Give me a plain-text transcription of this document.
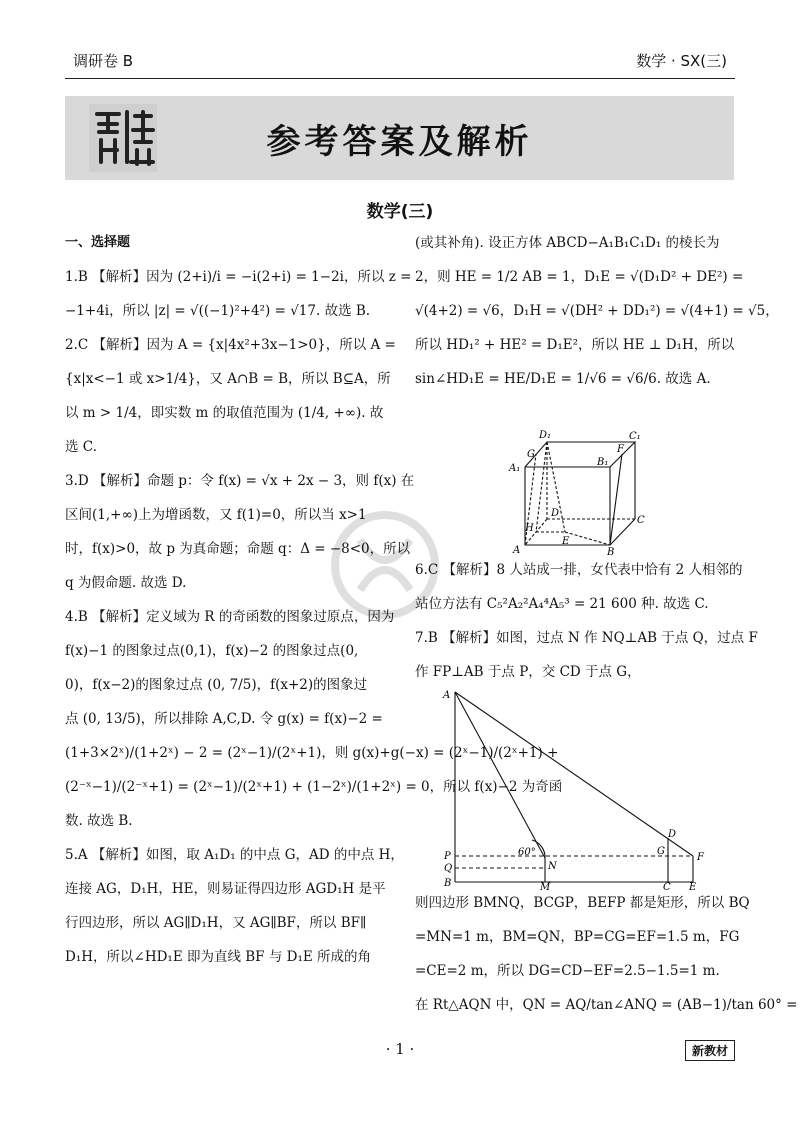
调研卷 B	数学 · SX(三)
参考答案及解析
数学(三)

一、选择题

1.B 【解析】因为 (2+i)/i = −i(2+i) = 1−2i，所以 z =

−1+4i，所以 |z| = √((−1)²+4²) = √17. 故选 B.

2.C 【解析】因为 A = {x|4x²+3x−1>0}，所以 A =

{x|x<−1 或 x>1/4}，又 A∩B = B，所以 B⊆A，所

以 m > 1/4，即实数 m 的取值范围为 (1/4, +∞). 故

选 C.

3.D 【解析】命题 p：令 f(x) = √x + 2x − 3，则 f(x) 在

区间(1,+∞)上为增函数，又 f(1)=0，所以当 x>1

时，f(x)>0，故 p 为真命题；命题 q：Δ = −8<0，所以

q 为假命题. 故选 D.

4.B 【解析】定义域为 R 的奇函数的图象过原点，因为

f(x)−1 的图象过点(0,1)，f(x)−2 的图象过点(0,

0)，f(x−2)的图象过点 (0, 7/5)，f(x+2)的图象过

点 (0, 13/5)，所以排除 A,C,D. 令 g(x) = f(x)−2 =

(1+3×2ˣ)/(1+2ˣ) − 2 = (2ˣ−1)/(2ˣ+1)，则 g(x)+g(−x) = (2ˣ−1)/(2ˣ+1) +

(2⁻ˣ−1)/(2⁻ˣ+1) = (2ˣ−1)/(2ˣ+1) + (1−2ˣ)/(1+2ˣ) = 0，所以 f(x)−2 为奇函

数. 故选 B.

5.A 【解析】如图，取 A₁D₁ 的中点 G，AD 的中点 H，

连接 AG，D₁H，HE，则易证得四边形 AGD₁H 是平

行四边形，所以 AG∥D₁H，又 AG∥BF，所以 BF∥

D₁H，所以∠HD₁E 即为直线 BF 与 D₁E 所成的角

(或其补角). 设正方体 ABCD−A₁B₁C₁D₁ 的棱长为

2，则 HE = 1/2 AB = 1，D₁E = √(D₁D² + DE²) =

√(4+2) = √6，D₁H = √(DH² + DD₁²) = √(4+1) = √5，

所以 HD₁² + HE² = D₁E²，所以 HE ⊥ D₁H，所以

sin∠HD₁E = HE/D₁E = 1/√6 = √6/6. 故选 A.

D₁	C₁
A₁
G
B₁
F
D
H
E
C
A	B

6.C 【解析】8 人站成一排，女代表中恰有 2 人相邻的

站位方法有 C₅²A₂²A₄⁴A₅³ = 21 600 种. 故选 C.

7.B 【解析】如图，过点 N 作 NQ⊥AB 于点 Q，过点 F

作 FP⊥AB 于点 P，交 CD 于点 G，

A
D
P	60°	G
F
Q	N
B	M	C E

则四边形 BMNQ，BCGP，BEFP 都是矩形，所以 BQ

=MN=1 m，BM=QN，BP=CG=EF=1.5 m，FG

=CE=2 m，所以 DG=CD−EF=2.5−1.5=1 m.

在 Rt△AQN 中，QN = AQ/tan∠ANQ = (AB−1)/tan 60° =

· 1 ·	新教材
